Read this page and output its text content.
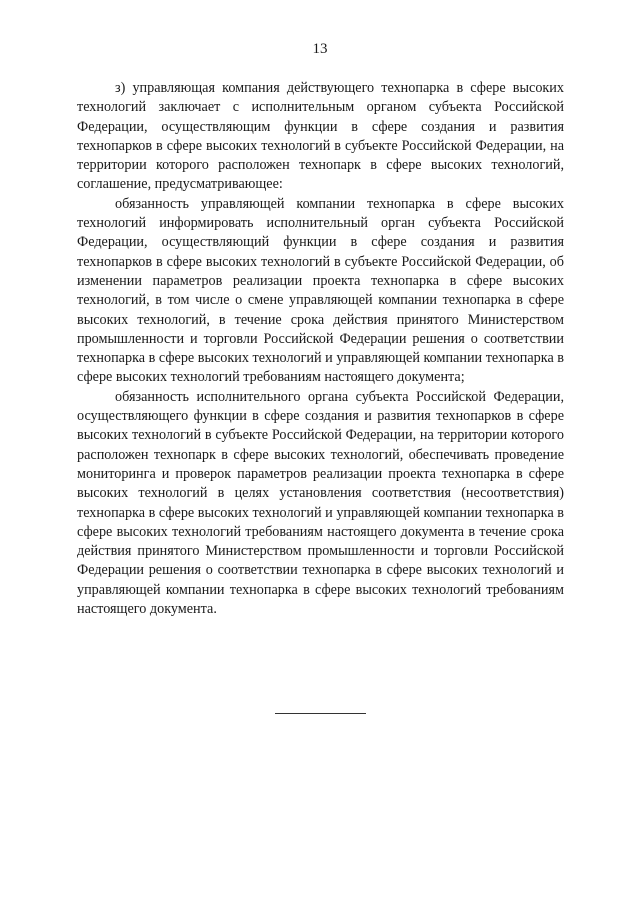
13

з) управляющая компания действующего технопарка в сфере высоких технологий заключает с исполнительным органом субъекта Российской Федерации, осуществляющим функции в сфере создания и развития технопарков в сфере высоких технологий в субъекте Российской Федерации, на территории которого расположен технопарк в сфере высоких технологий, соглашение, предусматривающее:

обязанность управляющей компании технопарка в сфере высоких технологий информировать исполнительный орган субъекта Российской Федерации, осуществляющий функции в сфере создания и развития технопарков в сфере высоких технологий в субъекте Российской Федерации, об изменении параметров реализации проекта технопарка в сфере высоких технологий, в том числе о смене управляющей компании технопарка в сфере высоких технологий, в течение срока действия принятого Министерством промышленности и торговли Российской Федерации решения о соответствии технопарка в сфере высоких технологий и управляющей компании технопарка в сфере высоких технологий требованиям настоящего документа;

обязанность исполнительного органа субъекта Российской Федерации, осуществляющего функции в сфере создания и развития технопарков в сфере высоких технологий в субъекте Российской Федерации, на территории которого расположен технопарк в сфере высоких технологий, обеспечивать проведение мониторинга и проверок параметров реализации проекта технопарка в сфере высоких технологий в целях установления соответствия (несоответствия) технопарка в сфере высоких технологий и управляющей компании технопарка в сфере высоких технологий требованиям настоящего документа в течение срока действия принятого Министерством промышленности и торговли Российской Федерации решения о соответствии технопарка в сфере высоких технологий и управляющей компании технопарка в сфере высоких технологий требованиям настоящего документа.
